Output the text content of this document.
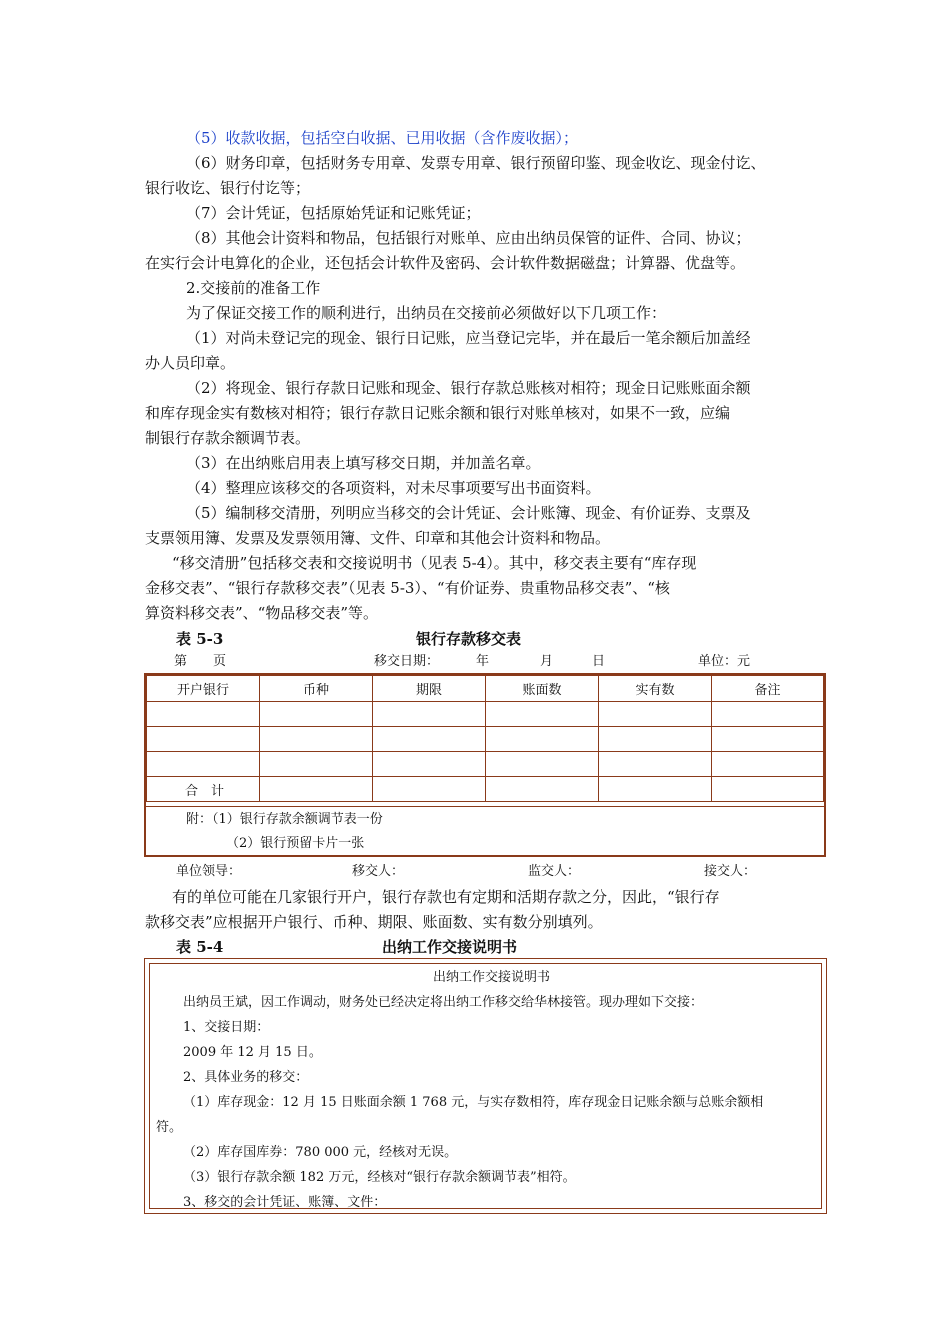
（5）收款收据，包括空白收据、已用收据（含作废收据）；
（6）财务印章，包括财务专用章、发票专用章、银行预留印鉴、现金收讫、现金付讫、
银行收讫、银行付讫等；
（7）会计凭证，包括原始凭证和记账凭证；
（8）其他会计资料和物品，包括银行对账单、应由出纳员保管的证件、合同、协议；
在实行会计电算化的企业，还包括会计软件及密码、会计软件数据磁盘；计算器、优盘等。
2.交接前的准备工作
为了保证交接工作的顺利进行，出纳员在交接前必须做好以下几项工作：
（1）对尚未登记完的现金、银行日记账，应当登记完毕，并在最后一笔余额后加盖经
办人员印章。
（2）将现金、银行存款日记账和现金、银行存款总账核对相符；现金日记账账面余额
和库存现金实有数核对相符；银行存款日记账余额和银行对账单核对，如果不一致，应编
制银行存款余额调节表。
（3）在出纳账启用表上填写移交日期，并加盖名章。
（4）整理应该移交的各项资料，对未尽事项要写出书面资料。
（5）编制移交清册，列明应当移交的会计凭证、会计账簿、现金、有价证券、支票及
支票领用簿、发票及发票领用簿、文件、印章和其他会计资料和物品。
“移交清册”包括移交表和交接说明书（见表 5-4）。其中，移交表主要有“库存现
金移交表”、“银行存款移交表”（见表 5-3）、“有价证券、贵重物品移交表”、“核
算资料移交表”、“物品移交表”等。
表 5-3	银行存款移交表
第　　页	移交日期：	年	月	日	单位：元
开户银行	币种	期限	账面数	实有数	备注

合　计					
附：（1）银行存款余额调节表一份
（2）银行预留卡片一张
单位领导：	移交人：	监交人：	接交人：
有的单位可能在几家银行开户，银行存款也有定期和活期存款之分，因此，“银行存
款移交表”应根据开户银行、币种、期限、账面数、实有数分别填列。
表 5-4	出纳工作交接说明书
出纳工作交接说明书
出纳员王斌，因工作调动，财务处已经决定将出纳工作移交给华林接管。现办理如下交接：
1、交接日期：
2009 年 12 月 15 日。
2、具体业务的移交：
（1）库存现金：12 月 15 日账面余额 1 768 元，与实存数相符，库存现金日记账余额与总账余额相
符。
（2）库存国库券：780 000 元，经核对无误。
（3）银行存款余额 182 万元，经核对“银行存款余额调节表”相符。
3、移交的会计凭证、账簿、文件：
